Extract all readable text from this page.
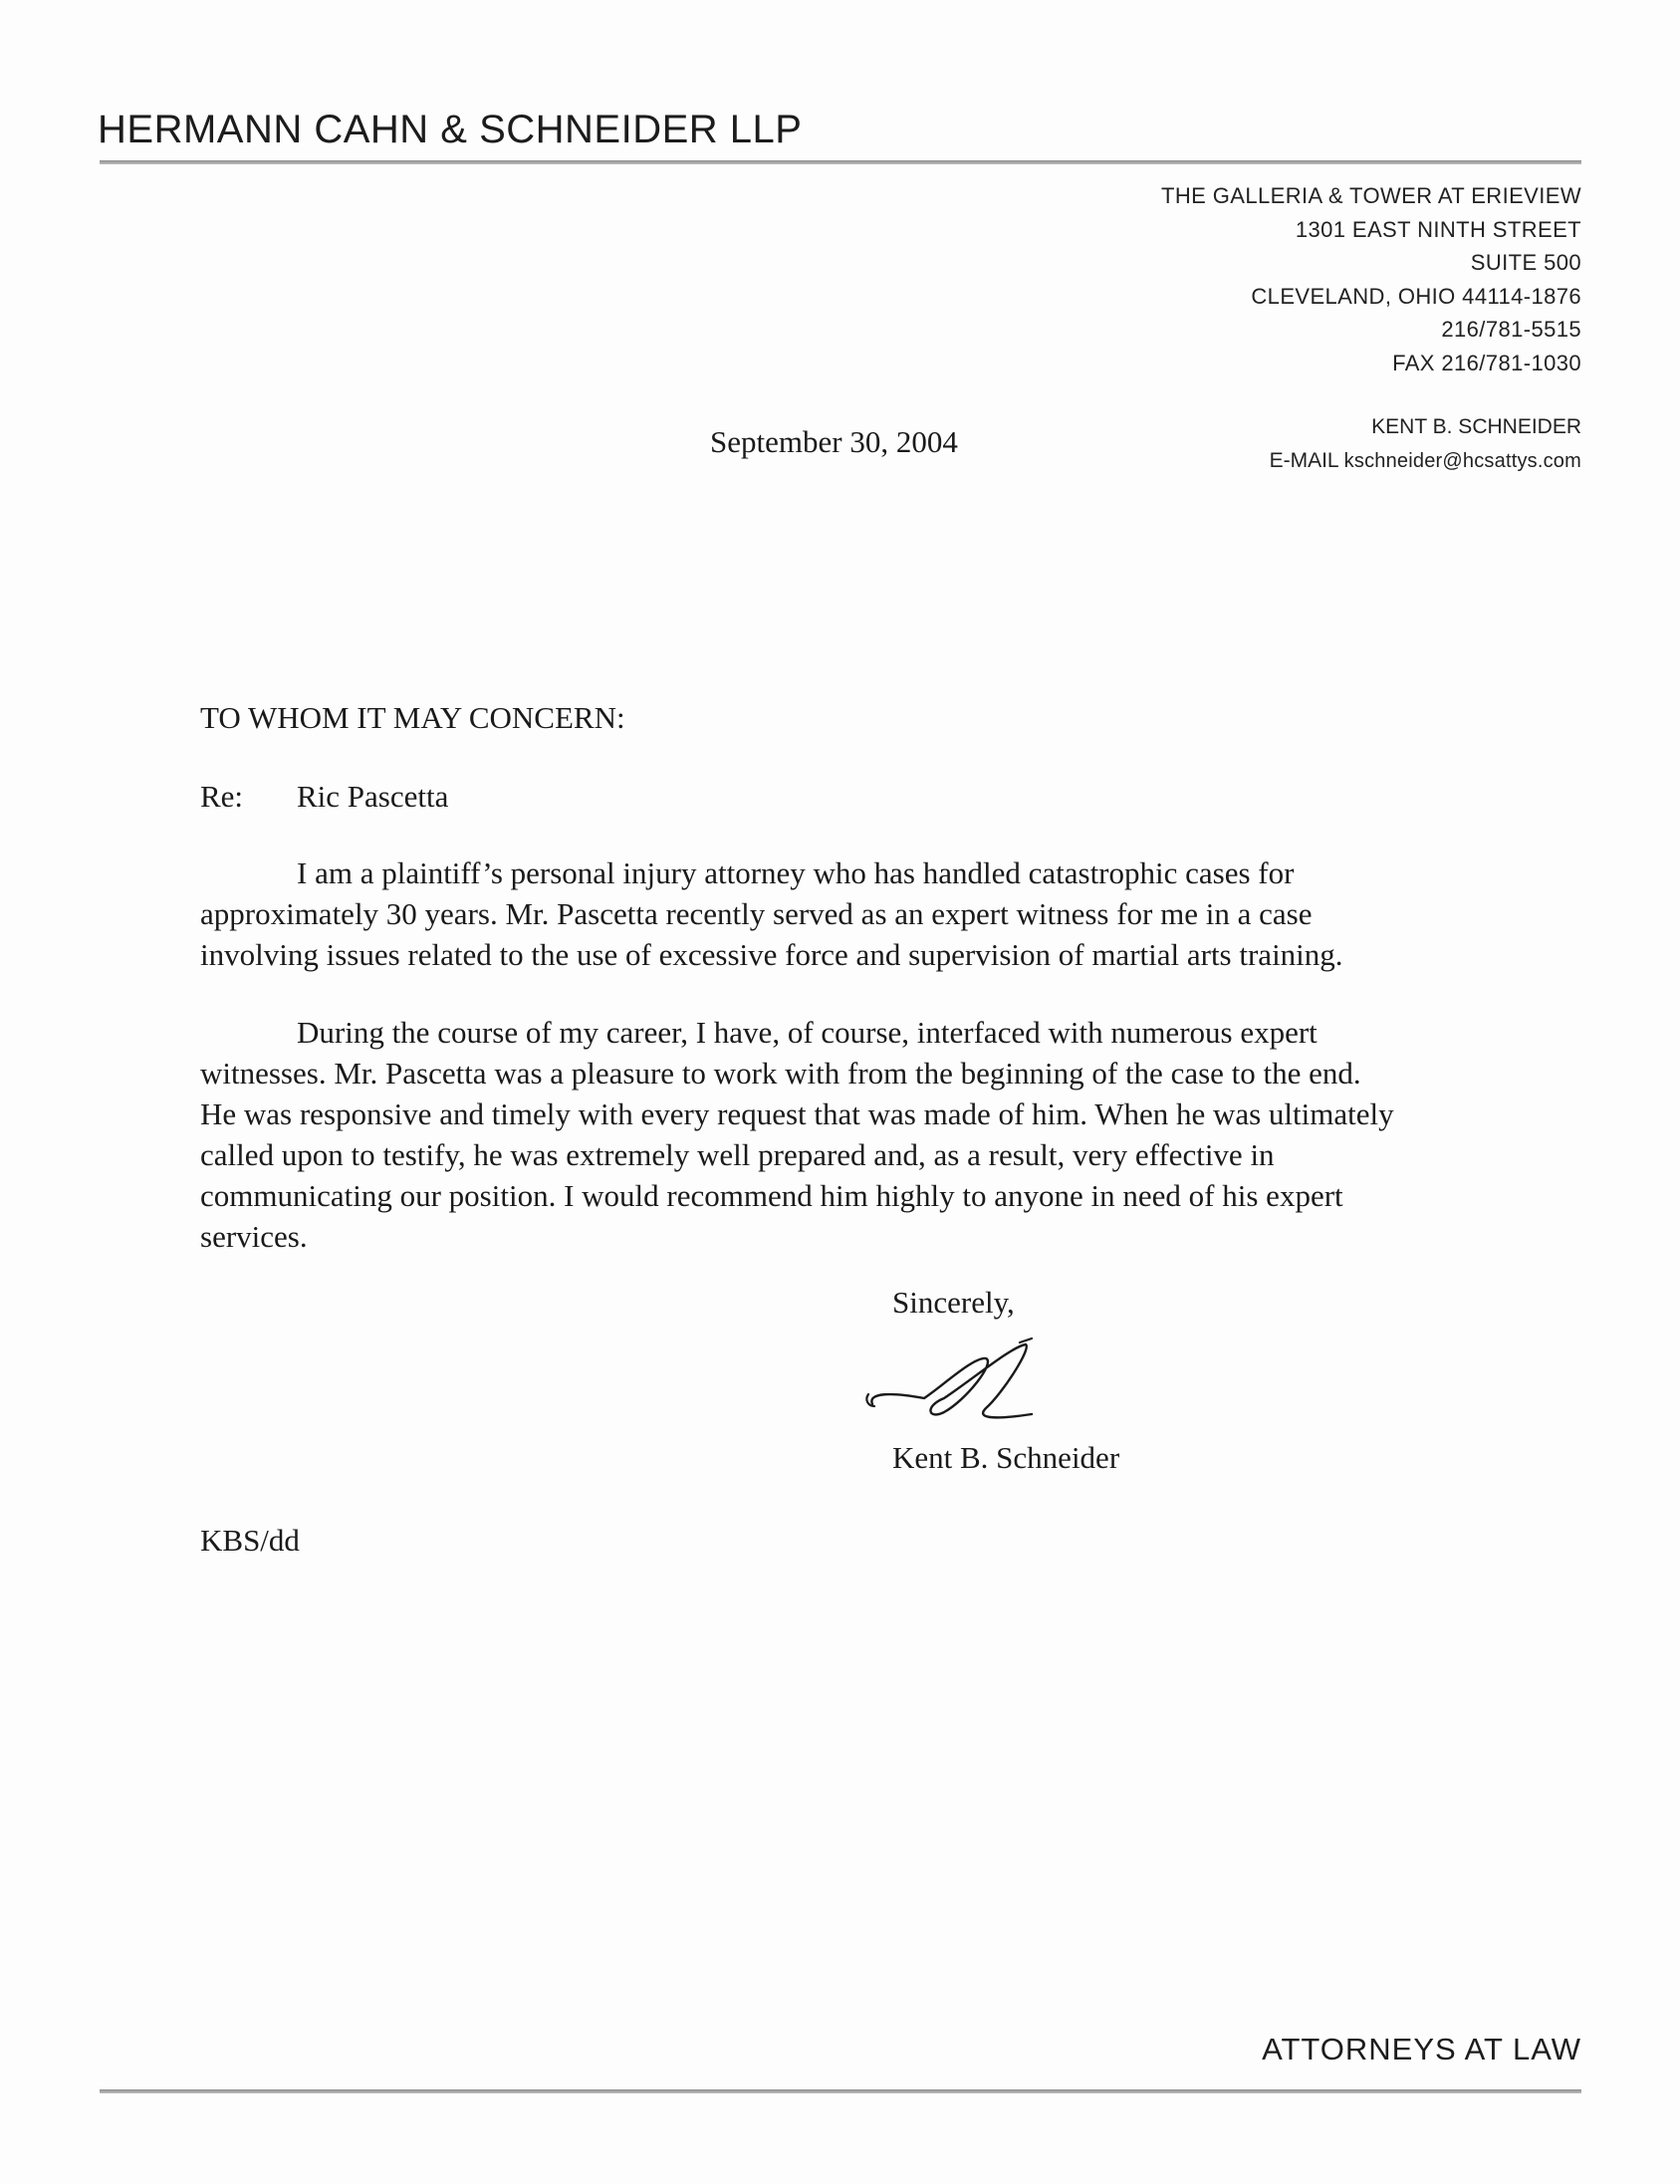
HERMANN CAHN & SCHNEIDER LLP
THE GALLERIA & TOWER AT ERIEVIEW
1301 EAST NINTH STREET
SUITE 500
CLEVELAND, OHIO 44114-1876
216/781-5515
FAX 216/781-1030
September 30, 2004	KENT B. SCHNEIDER
E-MAIL kschneider@hcsattys.com
TO WHOM IT MAY CONCERN:
Re: Ric Pascetta
I am a plaintiff’s personal injury attorney who has handled catastrophic cases for
approximately 30 years. Mr. Pascetta recently served as an expert witness for me in a case
involving issues related to the use of excessive force and supervision of martial arts training.
During the course of my career, I have, of course, interfaced with numerous expert
witnesses. Mr. Pascetta was a pleasure to work with from the beginning of the case to the end.
He was responsive and timely with every request that was made of him. When he was ultimately
called upon to testify, he was extremely well prepared and, as a result, very effective in
communicating our position. I would recommend him highly to anyone in need of his expert
services.
Sincerely,
Kent B. Schneider
KBS/dd
ATTORNEYS AT LAW
